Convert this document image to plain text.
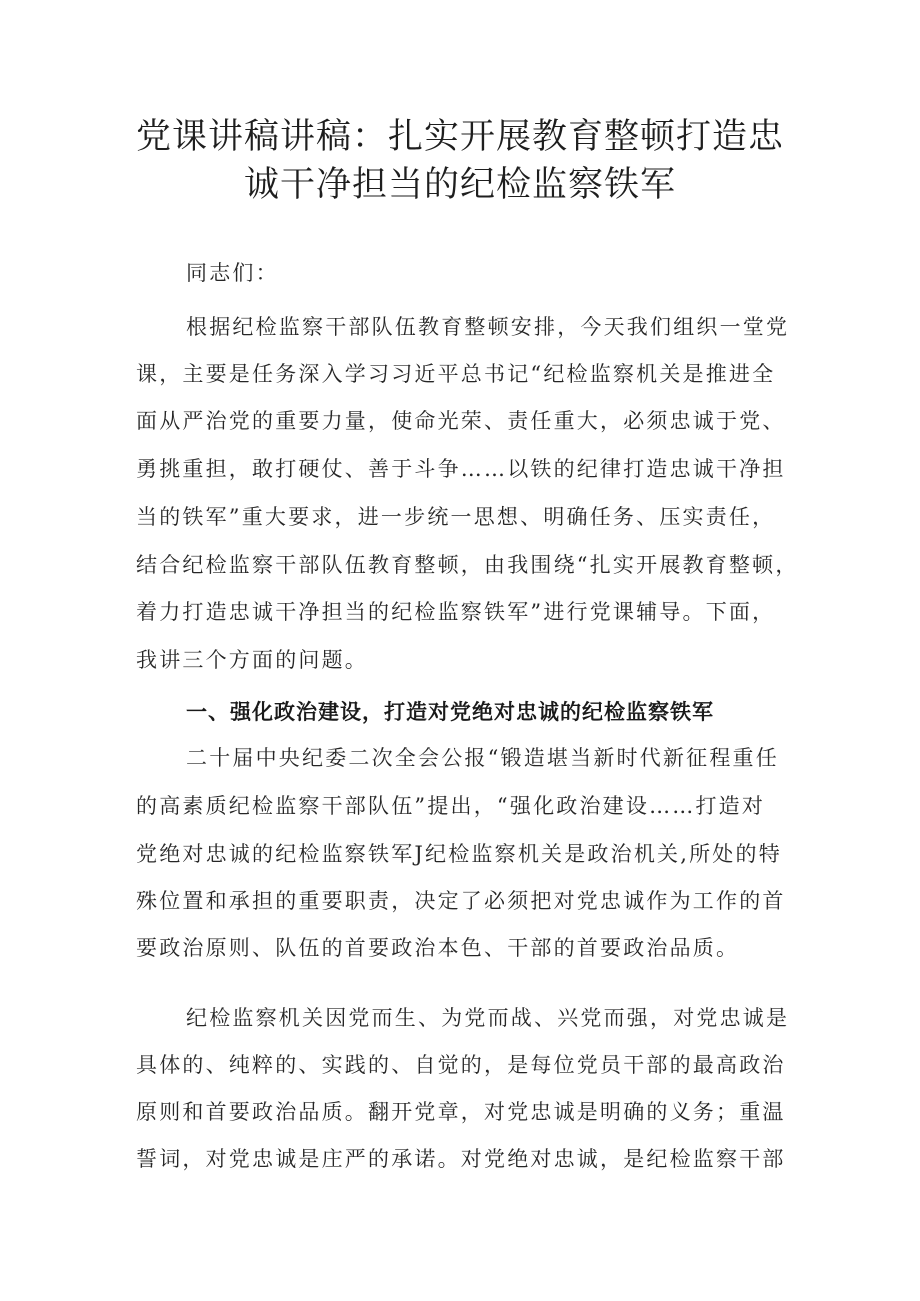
党课讲稿讲稿：扎实开展教育整顿打造忠
诚干净担当的纪检监察铁军

同志们：

根据纪检监察干部队伍教育整顿安排，今天我们组织一堂党

课，主要是任务深入学习习近平总书记“纪检监察机关是推进全

面从严治党的重要力量，使命光荣、责任重大，必须忠诚于党、

勇挑重担，敢打硬仗、善于斗争……以铁的纪律打造忠诚干净担

当的铁军”重大要求，进一步统一思想、明确任务、压实责任，

结合纪检监察干部队伍教育整顿，由我围绕“扎实开展教育整顿，

着力打造忠诚干净担当的纪检监察铁军”进行党课辅导。下面，

我讲三个方面的问题。

一、强化政治建设，打造对党绝对忠诚的纪检监察铁军

二十届中央纪委二次全会公报“锻造堪当新时代新征程重任

的高素质纪检监察干部队伍”提出，“强化政治建设……打造对

党绝对忠诚的纪检监察铁军J纪检监察机关是政治机关,所处的特

殊位置和承担的重要职责，决定了必须把对党忠诚作为工作的首

要政治原则、队伍的首要政治本色、干部的首要政治品质。

纪检监察机关因党而生、为党而战、兴党而强，对党忠诚是

具体的、纯粹的、实践的、自觉的，是每位党员干部的最高政治

原则和首要政治品质。翻开党章，对党忠诚是明确的义务；重温

誓词，对党忠诚是庄严的承诺。对党绝对忠诚，是纪检监察干部
